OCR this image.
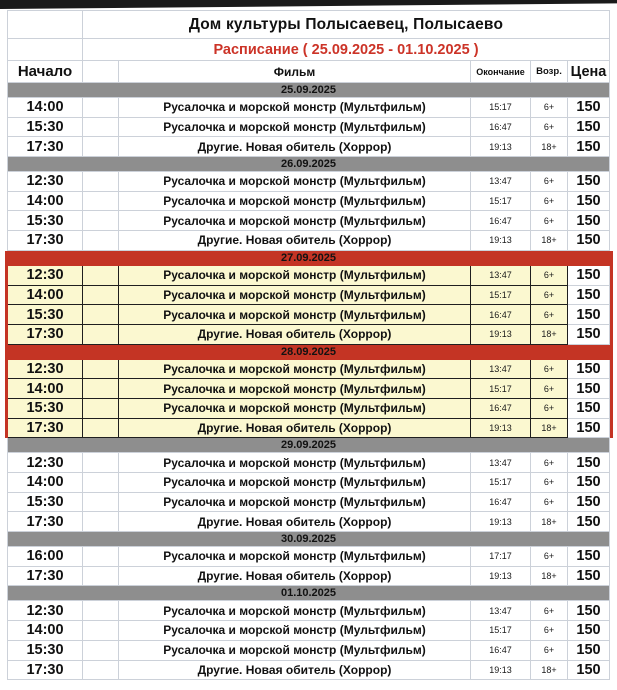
Дом культуры Полысаевец, Полысаево
Расписание ( 25.09.2025 - 01.10.2025 )
Начало	Фильм	Окончание	Возр. Цена
25.09.2025
14:00	Русалочка и морской монстр (Мультфильм)	15:17	6+	150
15:30	Русалочка и морской монстр (Мультфильм)	16:47	6+	150
17:30	Другие. Новая обитель (Хоррор)	19:13	18+	150
26.09.2025
12:30	Русалочка и морской монстр (Мультфильм)	13:47	6+	150
14:00	Русалочка и морской монстр (Мультфильм)	15:17	6+	150
15:30	Русалочка и морской монстр (Мультфильм)	16:47	6+	150
17:30	Другие. Новая обитель (Хоррор)	19:13	18+	150
27.09.2025
12:30	Русалочка и морской монстр (Мультфильм)	13:47	6+	150
14:00	Русалочка и морской монстр (Мультфильм)	15:17	6+	150
15:30	Русалочка и морской монстр (Мультфильм)	16:47	6+	150
17:30	Другие. Новая обитель (Хоррор)	19:13	18+	150
28.09.2025
12:30	Русалочка и морской монстр (Мультфильм)	13:47	6+	150
14:00	Русалочка и морской монстр (Мультфильм)	15:17	6+	150
15:30	Русалочка и морской монстр (Мультфильм)	16:47	6+	150
17:30	Другие. Новая обитель (Хоррор)	19:13	18+	150
29.09.2025
12:30	Русалочка и морской монстр (Мультфильм)	13:47	6+	150
14:00	Русалочка и морской монстр (Мультфильм)	15:17	6+	150
15:30	Русалочка и морской монстр (Мультфильм)	16:47	6+	150
17:30	Другие. Новая обитель (Хоррор)	19:13	18+	150
30.09.2025
16:00	Русалочка и морской монстр (Мультфильм)	17:17	6+	150
17:30	Другие. Новая обитель (Хоррор)	19:13	18+	150
01.10.2025
12:30	Русалочка и морской монстр (Мультфильм)	13:47	6+	150
14:00	Русалочка и морской монстр (Мультфильм)	15:17	6+	150
15:30	Русалочка и морской монстр (Мультфильм)	16:47	6+	150
17:30	Другие. Новая обитель (Хоррор)	19:13	18+	150
